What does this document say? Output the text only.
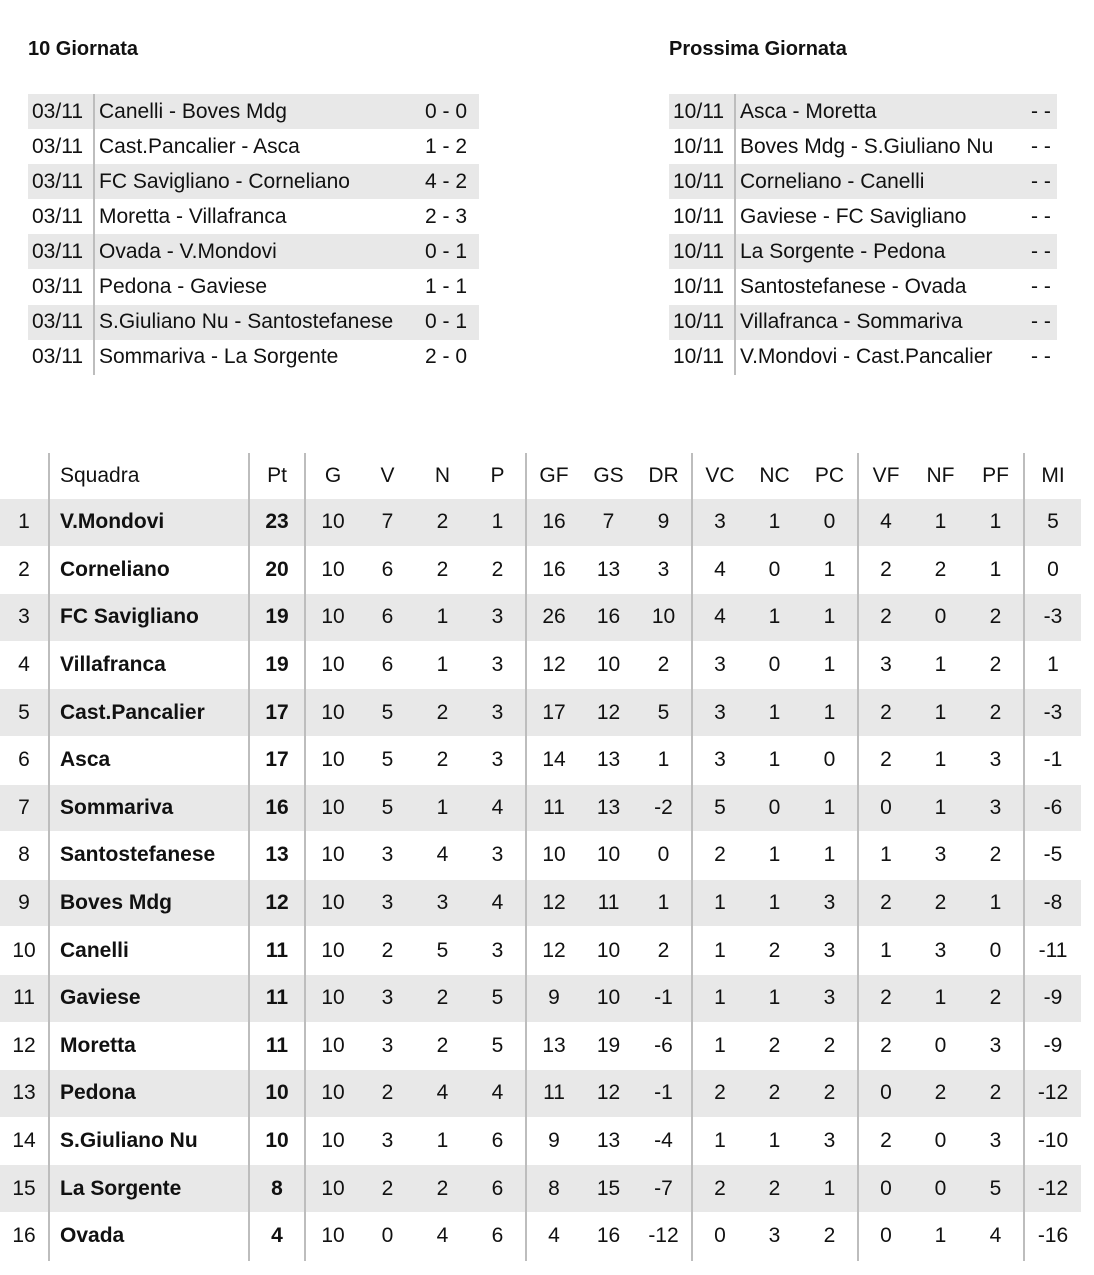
10 Giornata	Prossima Giornata
03/11	Canelli - Boves Mdg	0 - 0
03/11	Cast.Pancalier - Asca	1 - 2
03/11	FC Savigliano - Corneliano	4 - 2
03/11	Moretta - Villafranca	2 - 3
03/11	Ovada - V.Mondovi	0 - 1
03/11	Pedona - Gaviese	1 - 1
03/11	S.Giuliano Nu - Santostefanese	0 - 1
03/11	Sommariva - La Sorgente	2 - 0
10/11	Asca - Moretta	- -
10/11	Boves Mdg - S.Giuliano Nu	- -
10/11	Corneliano - Canelli	- -
10/11	Gaviese - FC Savigliano	- -
10/11	La Sorgente - Pedona	- -
10/11	Santostefanese - Ovada	- -
10/11	Villafranca - Sommariva	- -
10/11	V.Mondovi - Cast.Pancalier	- -
	Squadra	Pt	G	V	N	P	GF	GS	DR	VC	NC	PC	VF	NF	PF	MI
1	V.Mondovi	23	10	7	2	1	16	7	9	3	1	0	4	1	1	5
2	Corneliano	20	10	6	2	2	16	13	3	4	0	1	2	2	1	0
3	FC Savigliano	19	10	6	1	3	26	16	10	4	1	1	2	0	2	-3
4	Villafranca	19	10	6	1	3	12	10	2	3	0	1	3	1	2	1
5	Cast.Pancalier	17	10	5	2	3	17	12	5	3	1	1	2	1	2	-3
6	Asca	17	10	5	2	3	14	13	1	3	1	0	2	1	3	-1
7	Sommariva	16	10	5	1	4	11	13	-2	5	0	1	0	1	3	-6
8	Santostefanese	13	10	3	4	3	10	10	0	2	1	1	1	3	2	-5
9	Boves Mdg	12	10	3	3	4	12	11	1	1	1	3	2	2	1	-8
10	Canelli	11	10	2	5	3	12	10	2	1	2	3	1	3	0	-11
11	Gaviese	11	10	3	2	5	9	10	-1	1	1	3	2	1	2	-9
12	Moretta	11	10	3	2	5	13	19	-6	1	2	2	2	0	3	-9
13	Pedona	10	10	2	4	4	11	12	-1	2	2	2	0	2	2	-12
14	S.Giuliano Nu	10	10	3	1	6	9	13	-4	1	1	3	2	0	3	-10
15	La Sorgente	8	10	2	2	6	8	15	-7	2	2	1	0	0	5	-12
16	Ovada	4	10	0	4	6	4	16	-12	0	3	2	0	1	4	-16
